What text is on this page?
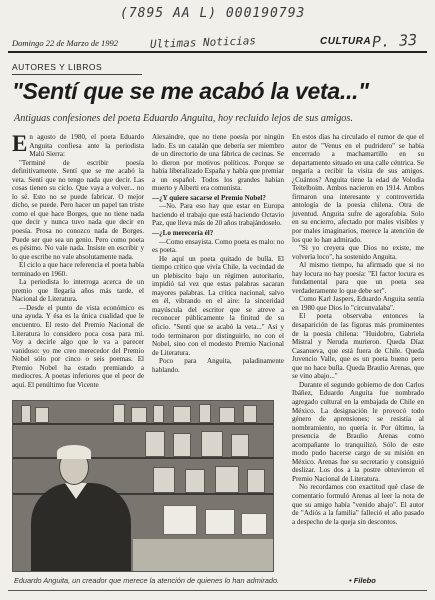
(7895 AA L) 000190793
Ultimas Noticias	P. 33
Domingo 22 de Marzo de 1992	CULTURA
AUTORES Y LIBROS
"Sentí que se me acabó la veta..."
Antiguas confesiones del poeta Eduardo Anguita, hoy recluido lejos de sus amigos.

En agosto de 1980, el poeta Eduardo Anguita confiesa ante la periodista Malú Sierra:

"Terminé de escribir poesía definitivamente. Sentí que se me acabó la veta. Sentí que no tengo nada que decir. Las cosas tienen su ciclo. Que vaya a volver... no lo sé. Esto no se puede fabricar. O mejor dicho, se puede. Pero hacer un papel tan triste como el que hace Borges, que no tiene nada que decir y nunca tuvo nada que decir en poesía. Prosa no conozco nada de Borges. Puede ser que sea un genio. Pero como poeta es pésimo. No vale nada. Insiste en escribir y lo que escribe no vale absolutamente nada.

El ciclo a que hace referencia el poeta había terminado en 1960.

La periodista lo interroga acerca de un premio que llegaría años más tarde, el Nacional de Literatura.

—Desde el punto de vista económico es una ayuda. Y ésa es la única cualidad que le encuentro. El resto del Premio Nacional de Literatura lo considero poca cosa para mí. Voy a decirle algo que le va a parecer vanidoso: yo me creo merecedor del Premio Nobel sólo por cinco o seis poemas. El Premio Nobel ha estado premiando a mediocres. A poetas inferiores que el peor de aquí. El penúltimo fue Vicente

Alexaindre, que no tiene poesía por ningún lado. Es un catalán que debería ser miembro de un directorio de una fábrica de cecinas. Se lo dieron por motivos políticos. Porque se había liberalizado España y había que premiar a un español. Todos los grandes habían muerto y Alberti era comunista.

—¿Y quiere sacarse el Premio Nobel?

—No. Para eso hay que estar en Europa haciendo el trabajo que está haciendo Octavio Paz, que lleva más de 20 años trabajándoselo.

—¿Lo merecería él?

—Como ensayista. Como poeta es malo: no es poeta.

He aquí un poeta quitado de bulla. El tiempo crítico que vivía Chile, la vecindad de un plebiscito bajo un régimen autoritario, impidió tal vez que estas palabras sacaran mayores palabras. La crítica nacional, salvo en él, vibrando en el aire: la sinceridad mayúscula del escritor que se atreve a reconocer públicamente la finitud de su oficio. "Sentí que se acabó la veta..." Así y todo terminaron por distinguirlo, no con el Nobel, sino con el modesto Premio Nacional de Literatura.

Poco para Anguita, paladinamente hablando.

En estos días ha circulado el rumor de que el autor de "Venus en el pudridero" se había encerrado a machamartillo en su departamento situado en una calle céntrica. Se negaría a recibir la visita de sus amigos. ¿Cuántos? Anguita tiene la edad de Volodia Teitelboim. Ambos nacieron en 1914. Ambos firmaron una interesante y controvertida antología de la poesía chilena. Otra de juventud. Anguita sufre de agorafobia. Solo en su encierro, afectado por males visibles y por males imaginarios, merece la atención de los que lo han admirado.

"Si yo creyera que Dios no existe, me volvería loco", ha sostenido Anguita.

Al mismo tiempo, ha afirmado que si no hay locura no hay poesía: "El factor locura es fundamental para que un poeta sea verdaderamente lo que debe ser".

Como Karl Jaspers, Eduardo Anguita sentía en 1980 que Dios lo "circunvalaba".

El poeta observaba entonces la desaparición de las figuras más prominentes de la poesía chilena: "Huidobro, Gabriela Mistral y Neruda murieron. Queda Díaz Casanueva, que está fuera de Chile. Queda Juvencio Valle, que es un poeta bueno pero que no hace bulla. Queda Braulio Arenas, que se vino abajo..."

Durante el segundo gobierno de don Carlos Ibáñez, Eduardo Anguita fue nombrado agregado cultural en la embajada de Chile en México. La designación le provocó todo género de aprensiones; se resistía al nombramiento, no quería ir. Por último, la presencia de Braulio Arenas como acompañante lo tranquilizó. Sólo de este modo pudo hacerse cargo de su misión en México. Arenas fue su secretario y consiguió deslizar. Los dos a la postre obtuvieron el Premio Nacional de Literatura.

No recordamos con exactitud qué clase de comentario formuló Arenas al leer la nota de que su amigo había "venido abajo". El autor de "Adiós a la familia" falleció el año pasado a despecho de la queja sin descontos.

Eduardo Anguita, un creador que merece la atención de quienes lo han admirado.	• Filebo
